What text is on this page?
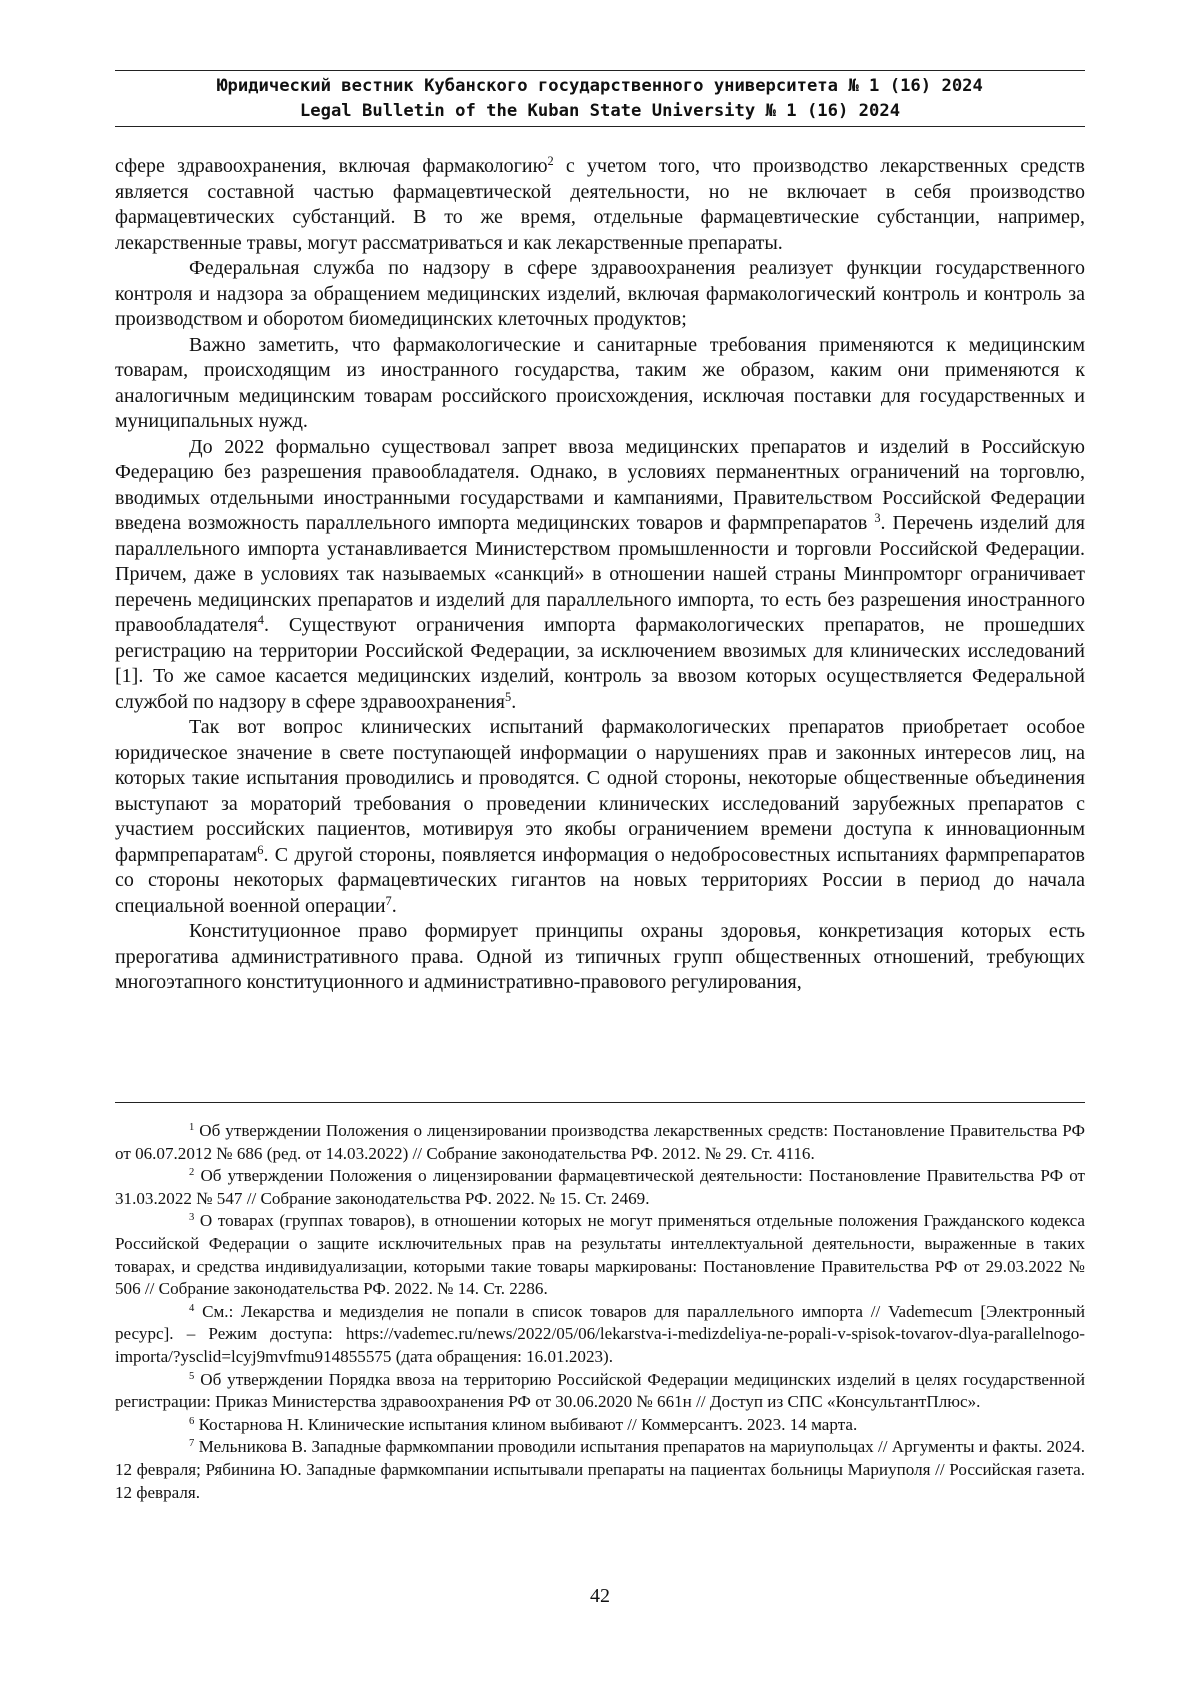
Юридический вестник Кубанского государственного университета № 1 (16) 2024
Legal Bulletin of the Kuban State University № 1 (16) 2024

сфере здравоохранения, включая фармакологию$^2$ с учетом того, что производство лекарственных средств является составной частью фармацевтической деятельности, но не включает в себя производство фармацевтических субстанций. В то же время, отдельные фармацевтические субстанции, например, лекарственные травы, могут рассматриваться и как лекарственные препараты.

Федеральная служба по надзору в сфере здравоохранения реализует функции государственного контроля и надзора за обращением медицинских изделий, включая фармакологический контроль и контроль за производством и оборотом биомедицинских клеточных продуктов;

Важно заметить, что фармакологические и санитарные требования применяются к медицинским товарам, происходящим из иностранного государства, таким же образом, каким они применяются к аналогичным медицинским товарам российского происхождения, исключая поставки для государственных и муниципальных нужд.

До 2022 формально существовал запрет ввоза медицинских препаратов и изделий в Российскую Федерацию без разрешения правообладателя. Однако, в условиях перманентных ограничений на торговлю, вводимых отдельными иностранными государствами и кампаниями, Правительством Российской Федерации введена возможность параллельного импорта медицинских товаров и фармпрепаратов $^3$. Перечень изделий для параллельного импорта устанавливается Министерством промышленности и торговли Российской Федерации. Причем, даже в условиях так называемых «санкций» в отношении нашей страны Минпромторг ограничивает перечень медицинских препаратов и изделий для параллельного импорта, то есть без разрешения иностранного правообладателя$^4$. Существуют ограничения импорта фармакологических препаратов, не прошедших регистрацию на территории Российской Федерации, за исключением ввозимых для клинических исследований [1]. То же самое касается медицинских изделий, контроль за ввозом которых осуществляется Федеральной службой по надзору в сфере здравоохранения$^5$.

Так вот вопрос клинических испытаний фармакологических препаратов приобретает особое юридическое значение в свете поступающей информации о нарушениях прав и законных интересов лиц, на которых такие испытания проводились и проводятся. С одной стороны, некоторые общественные объединения выступают за мораторий требования о проведении клинических исследований зарубежных препаратов с участием российских пациентов, мотивируя это якобы ограничением времени доступа к инновационным фармпрепаратам$^6$. С другой стороны, появляется информация о недобросовестных испытаниях фармпрепаратов со стороны некоторых фармацевтических гигантов на новых территориях России в период до начала специальной военной операции$^7$.

Конституционное право формирует принципы охраны здоровья, конкретизация которых есть прерогатива административного права. Одной из типичных групп общественных отношений, требующих многоэтапного конституционного и административно-правового регулирования,

$^1$ Об утверждении Положения о лицензировании производства лекарственных средств: Постановление Правительства РФ от 06.07.2012 № 686 (ред. от 14.03.2022) // Собрание законодательства РФ. 2012. № 29. Ст. 4116.

$^2$ Об утверждении Положения о лицензировании фармацевтической деятельности: Постановление Правительства РФ от 31.03.2022 № 547 // Собрание законодательства РФ. 2022. № 15. Ст. 2469.

$^3$ О товарах (группах товаров), в отношении которых не могут применяться отдельные положения Гражданского кодекса Российской Федерации о защите исключительных прав на результаты интеллектуальной деятельности, выраженные в таких товарах, и средства индивидуализации, которыми такие товары маркированы: Постановление Правительства РФ от 29.03.2022 № 506 // Собрание законодательства РФ. 2022. № 14. Ст. 2286.

$^4$ См.: Лекарства и медизделия не попали в список товаров для параллельного импорта // Vademecum [Электронный ресурс]. – Режим доступа: https://vademec.ru/news/2022/05/06/lekarstva-i-medizdeliya-ne-popali-v-spisok-tovarov-dlya-parallelnogo-importa/?ysclid=lcyj9mvfmu914855575 (дата обращения: 16.01.2023).

$^5$ Об утверждении Порядка ввоза на территорию Российской Федерации медицинских изделий в целях государственной регистрации: Приказ Министерства здравоохранения РФ от 30.06.2020 № 661н // Доступ из СПС «КонсультантПлюс».

$^6$ Костарнова Н. Клинические испытания клином выбивают // Коммерсантъ. 2023. 14 марта.

$^7$ Мельникова В. Западные фармкомпании проводили испытания препаратов на мариупольцах // Аргументы и факты. 2024. 12 февраля; Рябинина Ю. Западные фармкомпании испытывали препараты на пациентах больницы Мариуполя // Российская газета. 12 февраля.

42
